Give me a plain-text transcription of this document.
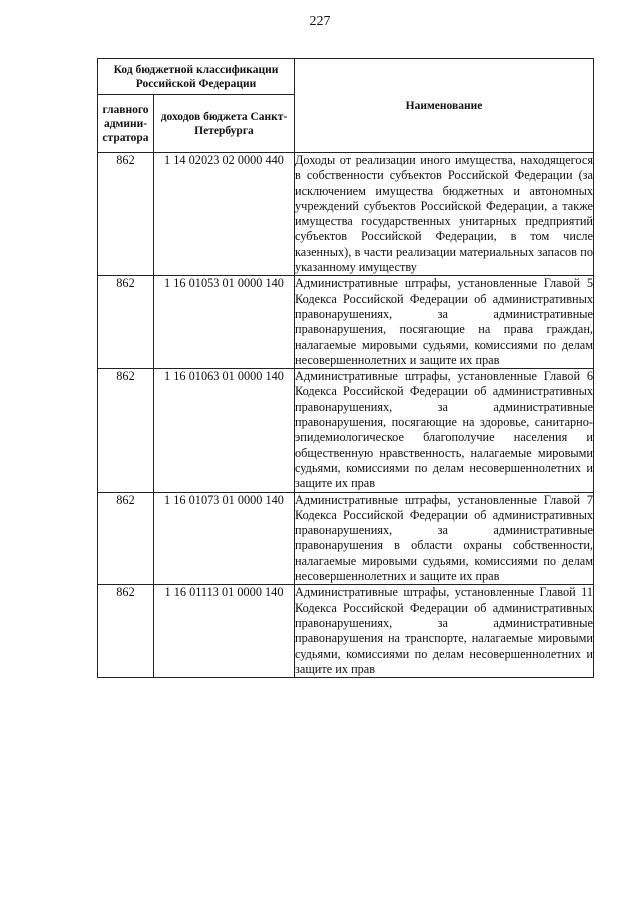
227
Код бюджетной классификации Российской Федерации		Наименование
главного админи-стратора	доходов бюджета Санкт-Петербурга	
862	1 14 02023 02 0000 440	Доходы от реализации иного имущества, находящегося в собственности субъектов Российской Федерации (за исключением имущества бюджетных и автономных учреждений субъектов Российской Федерации, а также имущества государственных унитарных предприятий субъектов Российской Федерации, в том числе казенных), в части реализации материальных запасов по указанному имуществу
862	1 16 01053 01 0000 140	Административные штрафы, установленные Главой 5 Кодекса Российской Федерации об административных правонарушениях, за административные правонарушения, посягающие на права граждан, налагаемые мировыми судьями, комиссиями по делам несовершеннолетних и защите их прав
862	1 16 01063 01 0000 140	Административные штрафы, установленные Главой 6 Кодекса Российской Федерации об административных правонарушениях, за административные правонарушения, посягающие на здоровье, санитарно-эпидемиологическое благополучие населения и общественную нравственность, налагаемые мировыми судьями, комиссиями по делам несовершеннолетних и защите их прав
862	1 16 01073 01 0000 140	Административные штрафы, установленные Главой 7 Кодекса Российской Федерации об административных правонарушениях, за административные правонарушения в области охраны собственности, налагаемые мировыми судьями, комиссиями по делам несовершеннолетних и защите их прав
862	1 16 01113 01 0000 140	Административные штрафы, установленные Главой 11 Кодекса Российской Федерации об административных правонарушениях, за административные правонарушения на транспорте, налагаемые мировыми судьями, комиссиями по делам несовершеннолетних и защите их прав
